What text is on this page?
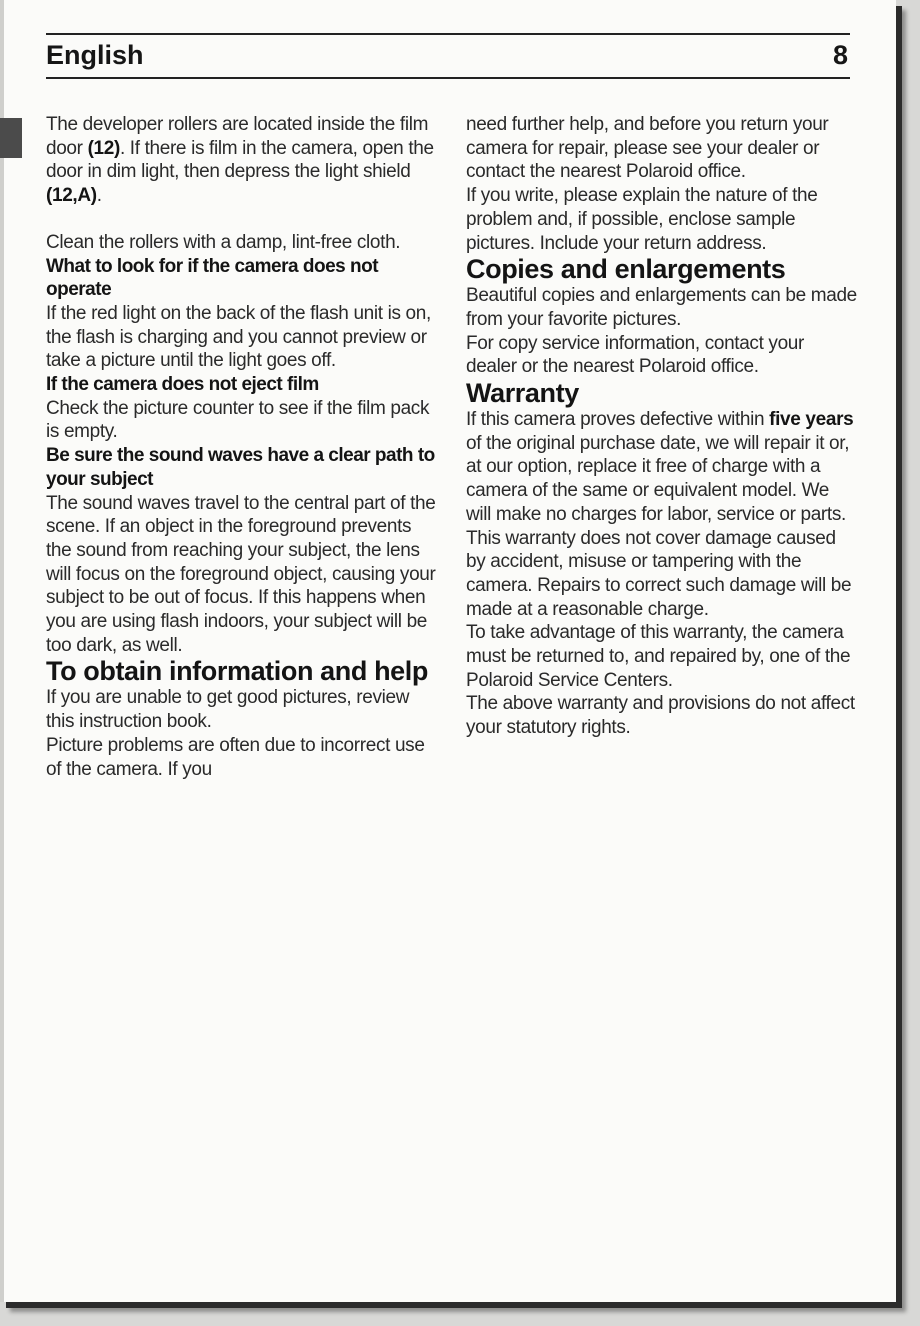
English	8

The developer rollers are located inside the film door (12). If there is film in the camera, open the door in dim light, then depress the light shield (12,A).

Clean the rollers with a damp, lint-free cloth.

What to look for if the camera does not operate

If the red light on the back of the flash unit is on, the flash is charging and you cannot preview or take a picture until the light goes off.

If the camera does not eject film

Check the picture counter to see if the film pack is empty.

Be sure the sound waves have a clear path to your subject

The sound waves travel to the central part of the scene. If an object in the foreground prevents the sound from reaching your subject, the lens will focus on the foreground object, causing your subject to be out of focus. If this happens when you are using flash indoors, your subject will be too dark, as well.

To obtain information and help

If you are unable to get good pictures, review this instruction book.

Picture problems are often due to incorrect use of the camera. If you

need further help, and before you return your camera for repair, please see your dealer or contact the nearest Polaroid office.

If you write, please explain the nature of the problem and, if possible, enclose sample pictures. Include your return address.

Copies and enlargements

Beautiful copies and enlargements can be made from your favorite pictures.

For copy service information, contact your dealer or the nearest Polaroid office.

Warranty

If this camera proves defective within five years of the original purchase date, we will repair it or, at our option, replace it free of charge with a camera of the same or equivalent model. We will make no charges for labor, service or parts.

This warranty does not cover damage caused by accident, misuse or tampering with the camera. Repairs to correct such damage will be made at a reasonable charge.

To take advantage of this warranty, the camera must be returned to, and repaired by, one of the Polaroid Service Centers.

The above warranty and provisions do not affect your statutory rights.
